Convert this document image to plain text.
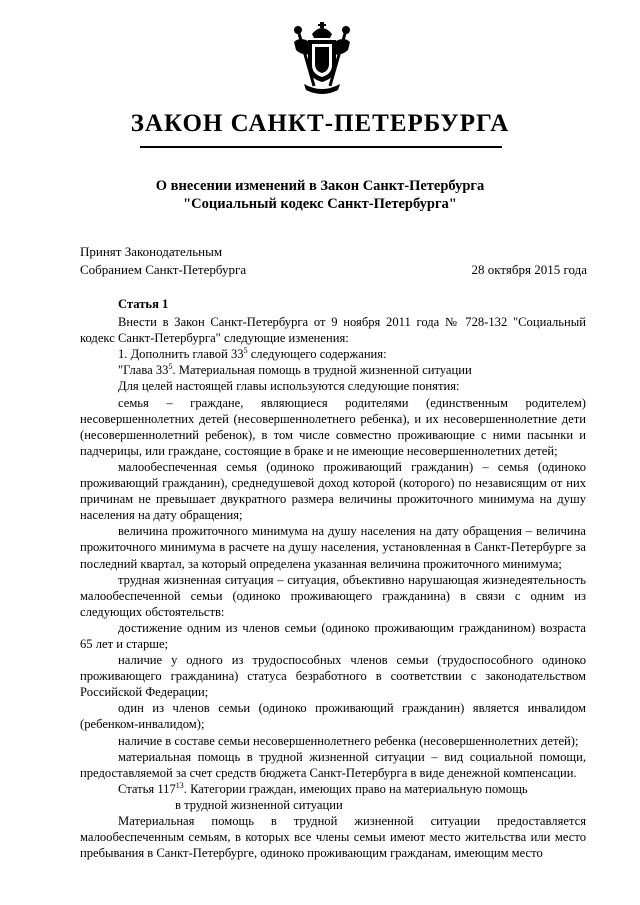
ЗАКОН САНКТ-ПЕТЕРБУРГА
О внесении изменений в Закон Санкт-Петербурга
"Социальный кодекс Санкт-Петербурга"
Принят Законодательным
Собранием Санкт-Петербурга	28 октября 2015 года

Статья 1

Внести в Закон Санкт-Петербурга от 9 ноября 2011 года № 728-132 "Социальный кодекс Санкт-Петербурга" следующие изменения:

1. Дополнить главой $33^5$ следующего содержания:

"Глава $33^5$. Материальная помощь в трудной жизненной ситуации

Для целей настоящей главы используются следующие понятия:

семья – граждане, являющиеся родителями (единственным родителем) несовершеннолетних детей (несовершеннолетнего ребенка), и их несовершеннолетние дети (несовершеннолетний ребенок), в том числе совместно проживающие с ними пасынки и падчерицы, или граждане, состоящие в браке и не имеющие несовершеннолетних детей;

малообеспеченная семья (одиноко проживающий гражданин) – семья (одиноко проживающий гражданин), среднедушевой доход которой (которого) по независящим от них причинам не превышает двукратного размера величины прожиточного минимума на душу населения на дату обращения;

величина прожиточного минимума на душу населения на дату обращения – величина прожиточного минимума в расчете на душу населения, установленная в Санкт-Петербурге за последний квартал, за который определена указанная величина прожиточного минимума;

трудная жизненная ситуация – ситуация, объективно нарушающая жизнедеятельность малообеспеченной семьи (одиноко проживающего гражданина) в связи с одним из следующих обстоятельств:

достижение одним из членов семьи (одиноко проживающим гражданином) возраста 65 лет и старше;

наличие у одного из трудоспособных членов семьи (трудоспособного одиноко проживающего гражданина) статуса безработного в соответствии с законодательством Российской Федерации;

один из членов семьи (одиноко проживающий гражданин) является инвалидом (ребенком-инвалидом);

наличие в составе семьи несовершеннолетнего ребенка (несовершеннолетних детей);

материальная помощь в трудной жизненной ситуации – вид социальной помощи, предоставляемой за счет средств бюджета Санкт-Петербурга в виде денежной компенсации.

Статья $117^{13}$. Категории граждан, имеющих право на материальную помощь

в трудной жизненной ситуации

Материальная помощь в трудной жизненной ситуации предоставляется малообеспеченным семьям, в которых все члены семьи имеют место жительства или место пребывания в Санкт-Петербурге, одиноко проживающим гражданам, имеющим место
